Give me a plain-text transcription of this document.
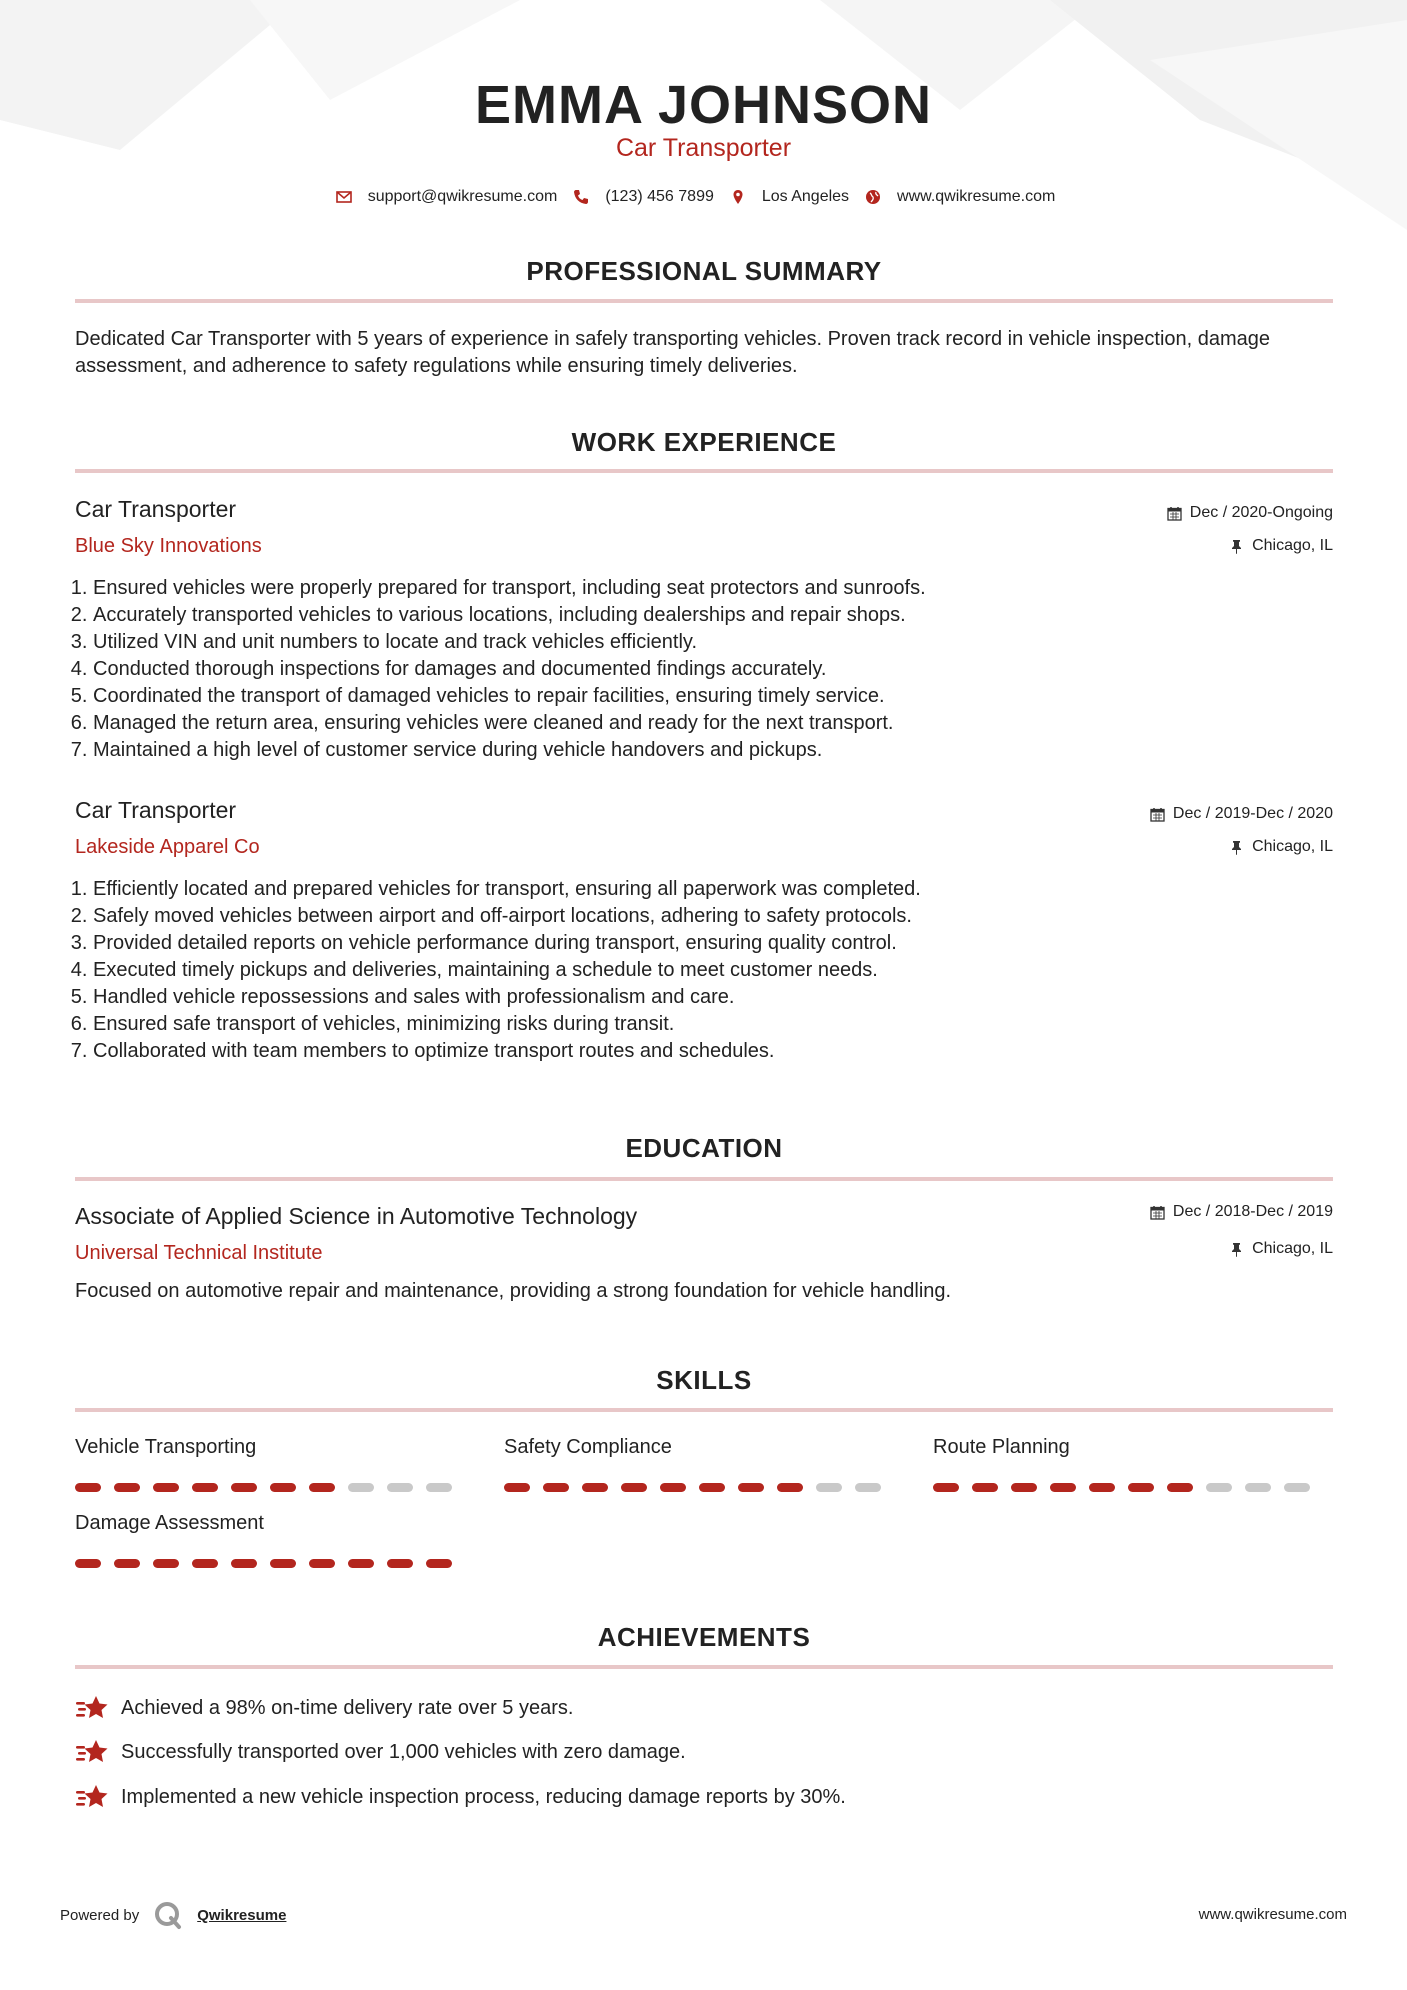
EMMA JOHNSON
Car Transporter
support@qwikresume.com	(123) 456 7899	Los Angeles	www.qwikresume.com
PROFESSIONAL SUMMARY
Dedicated Car Transporter with 5 years of experience in safely transporting vehicles. Proven track record in vehicle inspection, damage assessment, and adherence to safety regulations while ensuring timely deliveries.
WORK EXPERIENCE
Car Transporter
Blue Sky Innovations
Dec / 2020-Ongoing
Chicago, IL
1. Ensured vehicles were properly prepared for transport, including seat protectors and sunroofs.
2. Accurately transported vehicles to various locations, including dealerships and repair shops.
3. Utilized VIN and unit numbers to locate and track vehicles efficiently.
4. Conducted thorough inspections for damages and documented findings accurately.
5. Coordinated the transport of damaged vehicles to repair facilities, ensuring timely service.
6. Managed the return area, ensuring vehicles were cleaned and ready for the next transport.
7. Maintained a high level of customer service during vehicle handovers and pickups.
Car Transporter
Lakeside Apparel Co
Dec / 2019-Dec / 2020
Chicago, IL
1. Efficiently located and prepared vehicles for transport, ensuring all paperwork was completed.
2. Safely moved vehicles between airport and off-airport locations, adhering to safety protocols.
3. Provided detailed reports on vehicle performance during transport, ensuring quality control.
4. Executed timely pickups and deliveries, maintaining a schedule to meet customer needs.
5. Handled vehicle repossessions and sales with professionalism and care.
6. Ensured safe transport of vehicles, minimizing risks during transit.
7. Collaborated with team members to optimize transport routes and schedules.
EDUCATION
Associate of Applied Science in Automotive Technology
Universal Technical Institute
Dec / 2018-Dec / 2019
Chicago, IL
Focused on automotive repair and maintenance, providing a strong foundation for vehicle handling.
SKILLS
Vehicle Transporting	Safety Compliance	Route Planning
Damage Assessment
ACHIEVEMENTS
Achieved a 98% on-time delivery rate over 5 years.
Successfully transported over 1,000 vehicles with zero damage.
Implemented a new vehicle inspection process, reducing damage reports by 30%.
Powered by	Qwikresume	www.qwikresume.com
